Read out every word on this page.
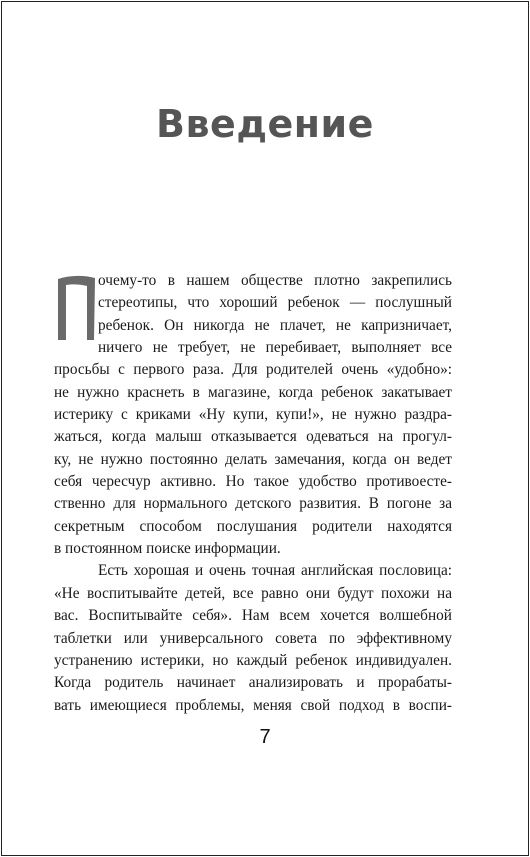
Введение
очему-то в нашем обществе плотно закрепились
стереотипы, что хороший ребенок — послушный
ребенок. Он никогда не плачет, не капризничает,
ничего не требует, не перебивает, выполняет все
просьбы с первого раза. Для родителей очень «удобно»:
не нужно краснеть в магазине, когда ребенок закатывает
истерику с криками «Ну купи, купи!», не нужно раздра-
жаться, когда малыш отказывается одеваться на прогул-
ку, не нужно постоянно делать замечания, когда он ведет
себя чересчур активно. Но такое удобство противоесте-
ственно для нормального детского развития. В погоне за
секретным способом послушания родители находятся
в постоянном поиске информации.
Есть хорошая и очень точная английская пословица:
«Не воспитывайте детей, все равно они будут похожи на
вас. Воспитывайте себя». Нам всем хочется волшебной
таблетки или универсального совета по эффективному
устранению истерики, но каждый ребенок индивидуален.
Когда родитель начинает анализировать и прорабаты-
вать имеющиеся проблемы, меняя свой подход в воспи-
7
